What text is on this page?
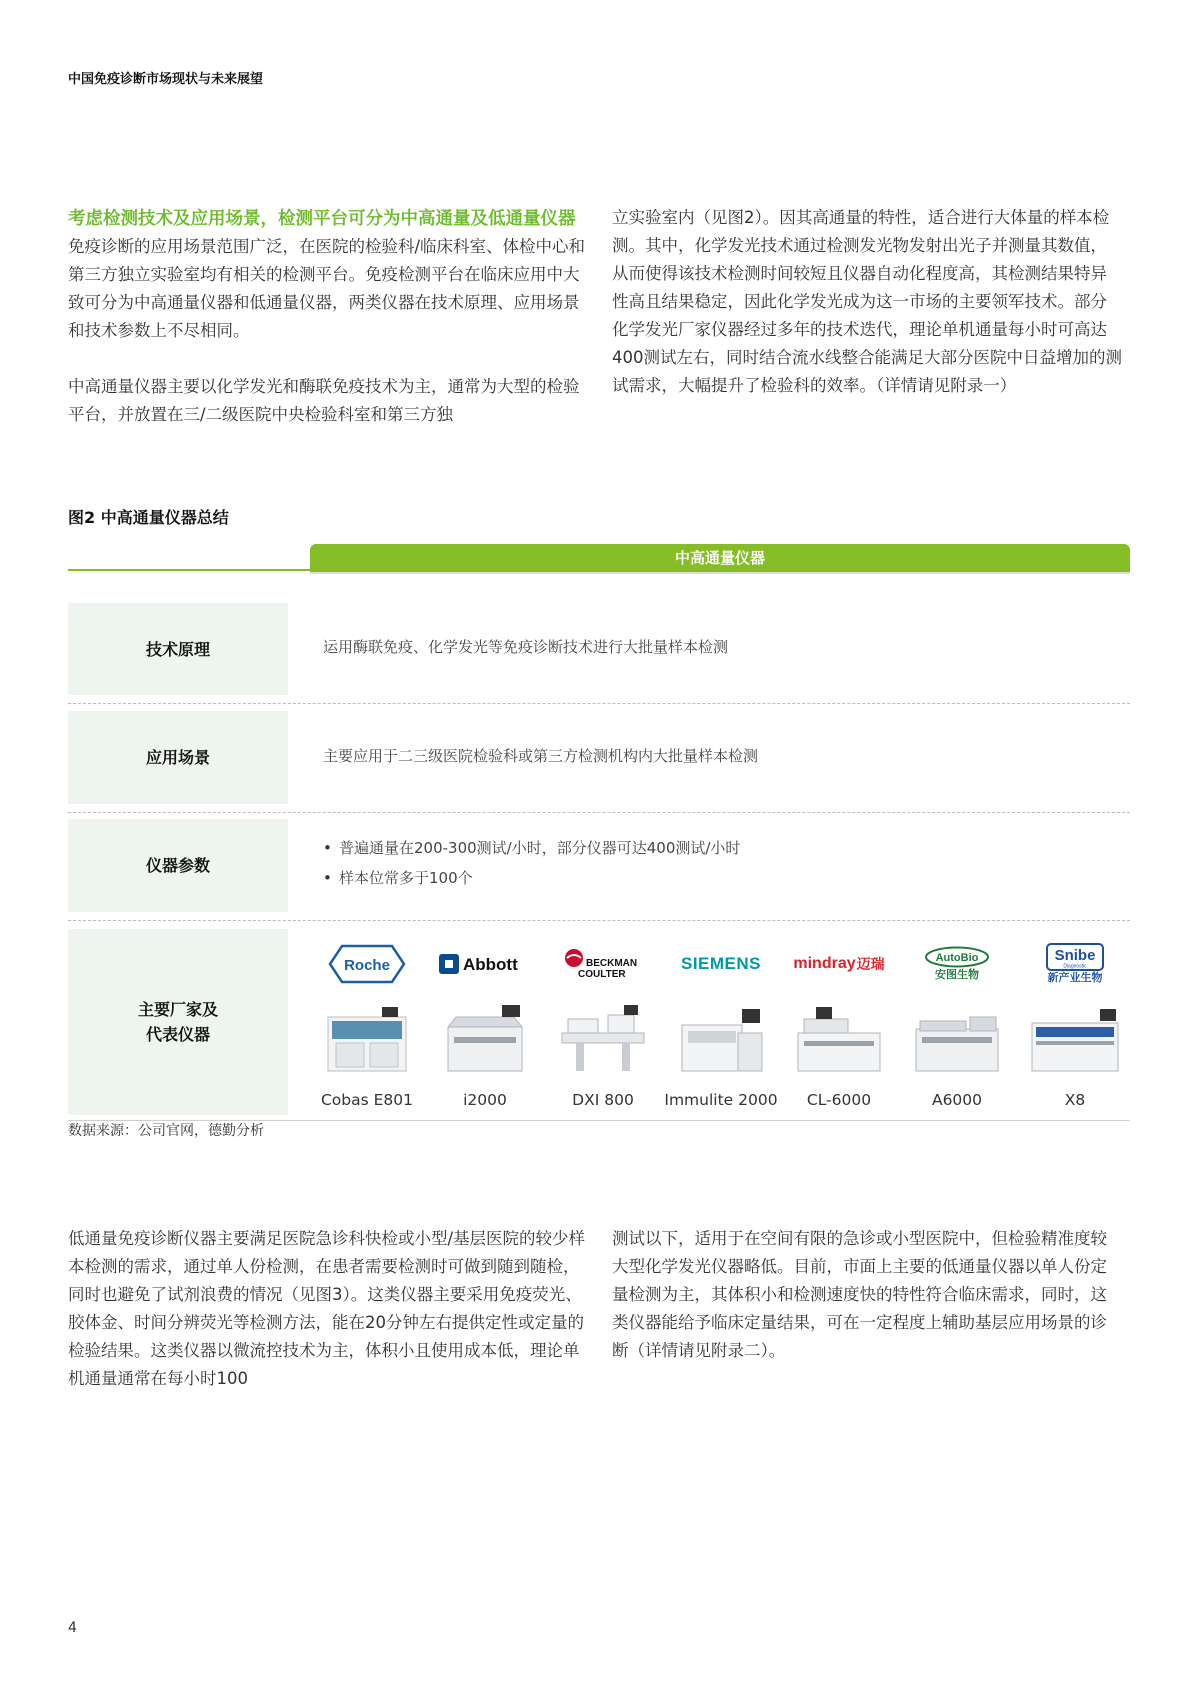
中国免疫诊断市场现状与未来展望

考虑检测技术及应用场景，检测平台可分为中高通量及低通量仪器

免疫诊断的应用场景范围广泛，在医院的检验科/临床科室、体检中心和第三方独立实验室均有相关的检测平台。免疫检测平台在临床应用中大致可分为中高通量仪器和低通量仪器，两类仪器在技术原理、应用场景和技术参数上不尽相同。

中高通量仪器主要以化学发光和酶联免疫技术为主，通常为大型的检验平台，并放置在三/二级医院中央检验科室和第三方独

立实验室内（见图2）。因其高通量的特性，适合进行大体量的样本检测。其中，化学发光技术通过检测发光物发射出光子并测量其数值，从而使得该技术检测时间较短且仪器自动化程度高，其检测结果特异性高且结果稳定，因此化学发光成为这一市场的主要领军技术。部分化学发光厂家仪器经过多年的技术迭代，理论单机通量每小时可高达400测试左右，同时结合流水线整合能满足大部分医院中日益增加的测试需求，大幅提升了检验科的效率。（详情请见附录一）

图2 中高通量仪器总结
中高通量仪器
技术原理	运用酶联免疫、化学发光等免疫诊断技术进行大批量样本检测
应用场景	主要应用于二三级医院检验科或第三方检测机构内大批量样本检测
仪器参数
• 普遍通量在200-300测试/小时，部分仪器可达400测试/小时
• 样本位常多于100个
主要厂家及
代表仪器
Roche
Cobas E801
Abbott
i2000
BECKMAN
COULTER
DXI 800
SIEMENS
Immulite 2000
mindray 迈瑞
CL-6000
AutoBio
安图生物
A6000
Snibe
Diagnostic
新产业生物
X8
数据来源：公司官网，德勤分析

低通量免疫诊断仪器主要满足医院急诊科快检或小型/基层医院的较少样本检测的需求，通过单人份检测，在患者需要检测时可做到随到随检，同时也避免了试剂浪费的情况（见图3）。这类仪器主要采用免疫荧光、胶体金、时间分辨荧光等检测方法，能在20分钟左右提供定性或定量的检验结果。这类仪器以微流控技术为主，体积小且使用成本低，理论单机通量通常在每小时100

测试以下，适用于在空间有限的急诊或小型医院中，但检验精准度较大型化学发光仪器略低。目前，市面上主要的低通量仪器以单人份定量检测为主，其体积小和检测速度快的特性符合临床需求，同时，这类仪器能给予临床定量结果，可在一定程度上辅助基层应用场景的诊断（详情请见附录二）。

4
